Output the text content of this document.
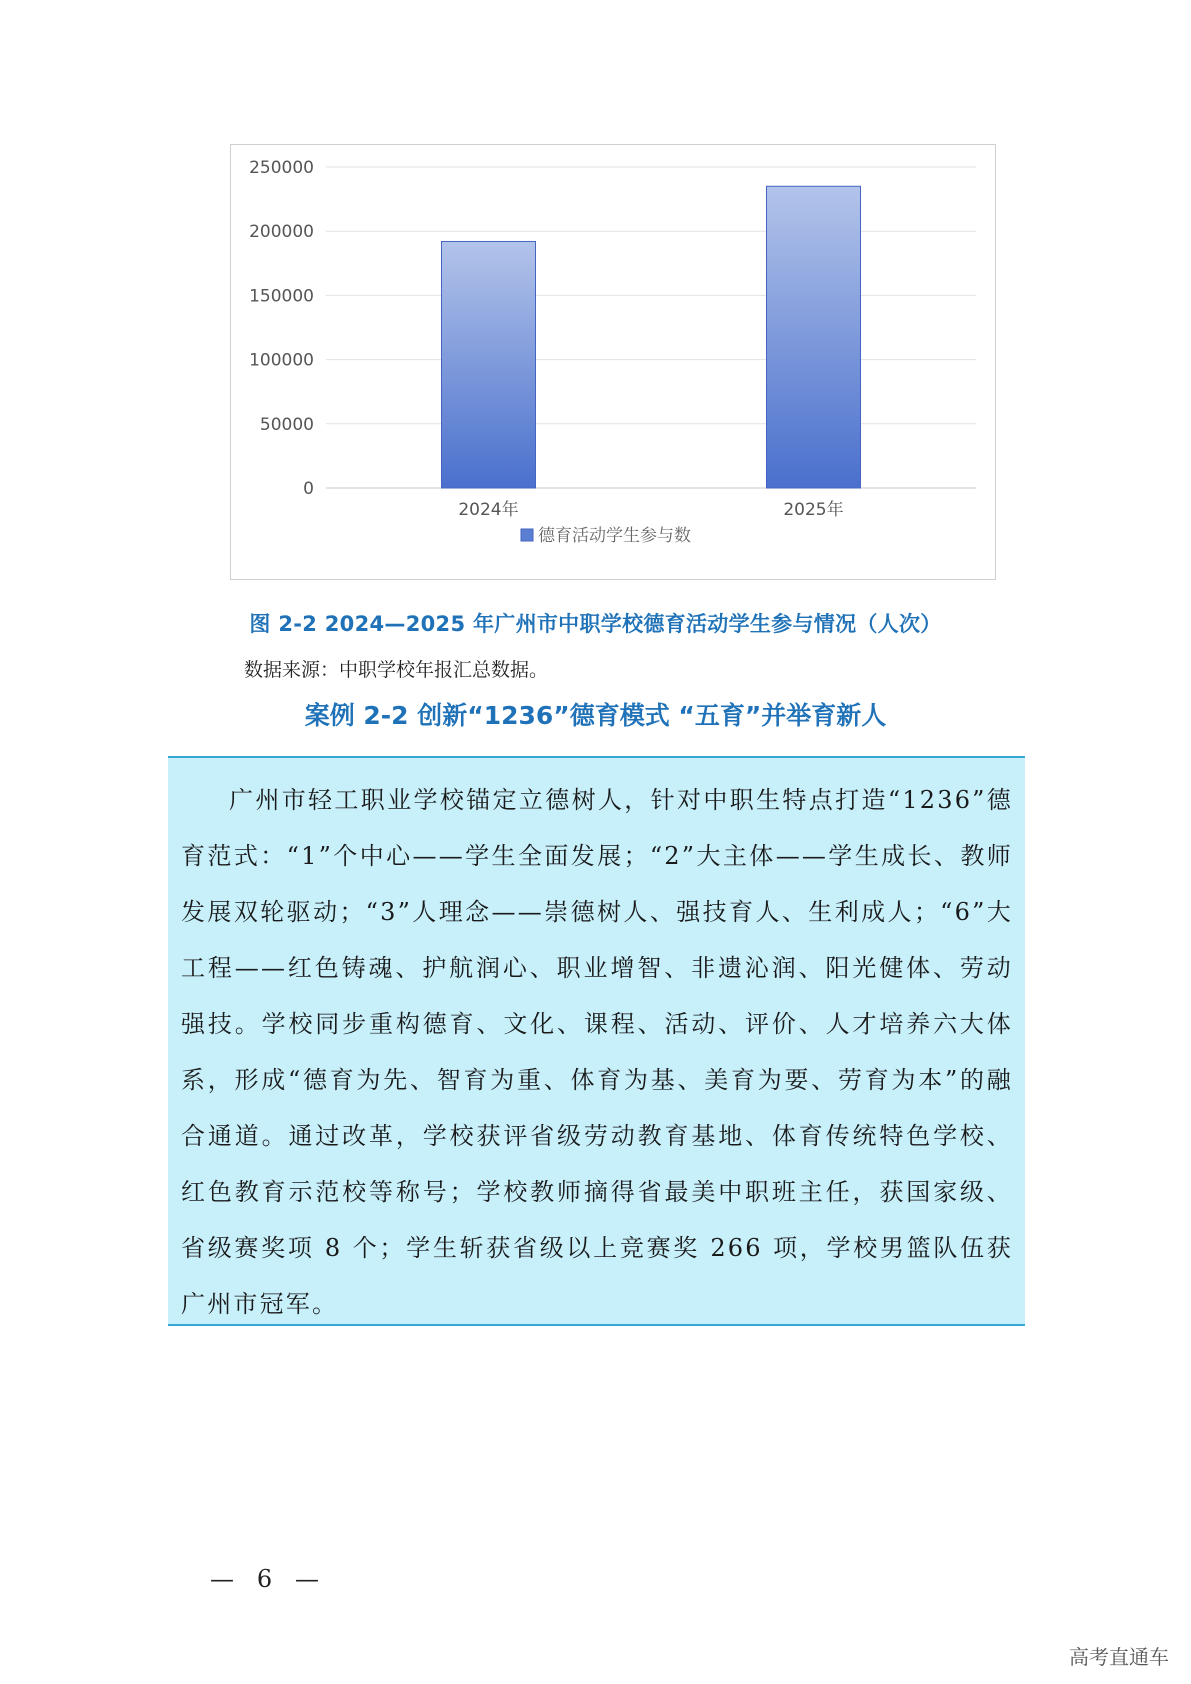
0
50000
100000
150000
200000
250000
2024年	2025年
德育活动学生参与数
图 2-2 2024—2025 年广州市中职学校德育活动学生参与情况（人次）
数据来源：中职学校年报汇总数据。
案例 2-2 创新“1236”德育模式 “五育”并举育新人

广州市轻工职业学校锚定立德树人，针对中职生特点打造“1236”德育范式：“1”个中心——学生全面发展；“2”大主体——学生成长、教师发展双轮驱动；“3”人理念——崇德树人、强技育人、生利成人；“6”大工程——红色铸魂、护航润心、职业增智、非遗沁润、阳光健体、劳动强技。学校同步重构德育、文化、课程、活动、评价、人才培养六大体系，形成“德育为先、智育为重、体育为基、美育为要、劳育为本”的融合通道。通过改革，学校获评省级劳动教育基地、体育传统特色学校、红色教育示范校等称号；学校教师摘得省最美中职班主任，获国家级、省级赛奖项 8 个；学生斩获省级以上竞赛奖 266 项，学校男篮队伍获广州市冠军。

—   6   —
高考直通车
